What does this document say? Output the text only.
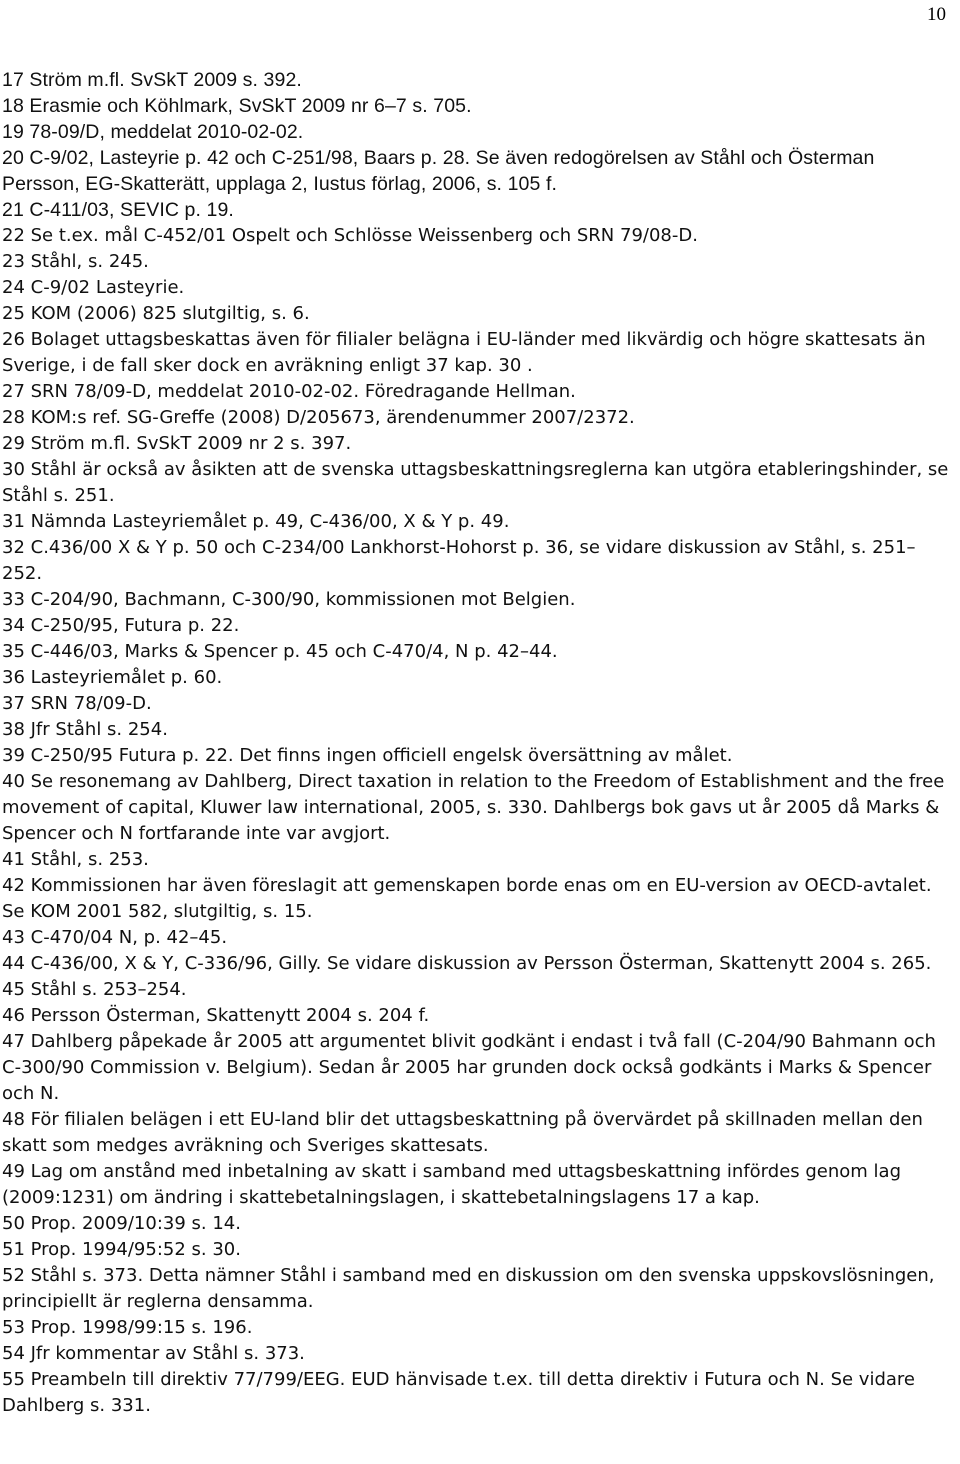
10

17 Ström m.fl. SvSkT 2009 s. 392.

18 Erasmie och Köhlmark, SvSkT 2009 nr 6–7 s. 705.

19 78-09/D, meddelat 2010-02-02.

20 C-9/02, Lasteyrie p. 42 och C-251/98, Baars p. 28. Se även redogörelsen av Ståhl och Österman Persson, EG-Skatterätt, upplaga 2, Iustus förlag, 2006, s. 105 f.

21 C-411/03, SEVIC p. 19.

22 Se t.ex. mål C-452/01 Ospelt och Schlösse Weissenberg och SRN 79/08-D.

23 Ståhl, s. 245.

24 C-9/02 Lasteyrie.

25 KOM (2006) 825 slutgiltig, s. 6.

26 Bolaget uttagsbeskattas även för filialer belägna i EU-länder med likvärdig och högre skattesats än Sverige, i de fall sker dock en avräkning enligt 37 kap. 30 .

27 SRN 78/09-D, meddelat 2010-02-02. Föredragande Hellman.

28 KOM:s ref. SG-Greffe (2008) D/205673, ärendenummer 2007/2372.

29 Ström m.fl. SvSkT 2009 nr 2 s. 397.

30 Ståhl är också av åsikten att de svenska uttagsbeskattningsreglerna kan utgöra etableringshinder, se Ståhl s. 251.

31 Nämnda Lasteyriemålet p. 49, C-436/00, X & Y p. 49.

32 C.436/00 X & Y p. 50 och C-234/00 Lankhorst-Hohorst p. 36, se vidare diskussion av Ståhl, s. 251–252.

33 C-204/90, Bachmann, C-300/90, kommissionen mot Belgien.

34 C-250/95, Futura p. 22.

35 C-446/03, Marks & Spencer p. 45 och C-470/4, N p. 42–44.

36 Lasteyriemålet p. 60.

37 SRN 78/09-D.

38 Jfr Ståhl s. 254.

39 C-250/95 Futura p. 22. Det finns ingen officiell engelsk översättning av målet.

40 Se resonemang av Dahlberg, Direct taxation in relation to the Freedom of Establishment and the free movement of capital, Kluwer law international, 2005, s. 330. Dahlbergs bok gavs ut år 2005 då Marks & Spencer och N fortfarande inte var avgjort.

41 Ståhl, s. 253.

42 Kommissionen har även föreslagit att gemenskapen borde enas om en EU-version av OECD-avtalet. Se KOM 2001 582, slutgiltig, s. 15.

43 C-470/04 N, p. 42–45.

44 C-436/00, X & Y, C-336/96, Gilly. Se vidare diskussion av Persson Österman, Skattenytt 2004 s. 265.

45 Ståhl s. 253–254.

46 Persson Österman, Skattenytt 2004 s. 204 f.

47 Dahlberg påpekade år 2005 att argumentet blivit godkänt i endast i två fall (C-204/90 Bahmann och C-300/90 Commission v. Belgium). Sedan år 2005 har grunden dock också godkänts i Marks & Spencer och N.

48 För filialen belägen i ett EU-land blir det uttagsbeskattning på övervärdet på skillnaden mellan den skatt som medges avräkning och Sveriges skattesats.

49 Lag om anstånd med inbetalning av skatt i samband med uttagsbeskattning infördes genom lag (2009:1231) om ändring i skattebetalningslagen, i skattebetalningslagens 17 a kap.

50 Prop. 2009/10:39 s. 14.

51 Prop. 1994/95:52 s. 30.

52 Ståhl s. 373. Detta nämner Ståhl i samband med en diskussion om den svenska uppskovslösningen, principiellt är reglerna densamma.

53 Prop. 1998/99:15 s. 196.

54 Jfr kommentar av Ståhl s. 373.

55 Preambeln till direktiv 77/799/EEG. EUD hänvisade t.ex. till detta direktiv i Futura och N. Se vidare Dahlberg s. 331.
